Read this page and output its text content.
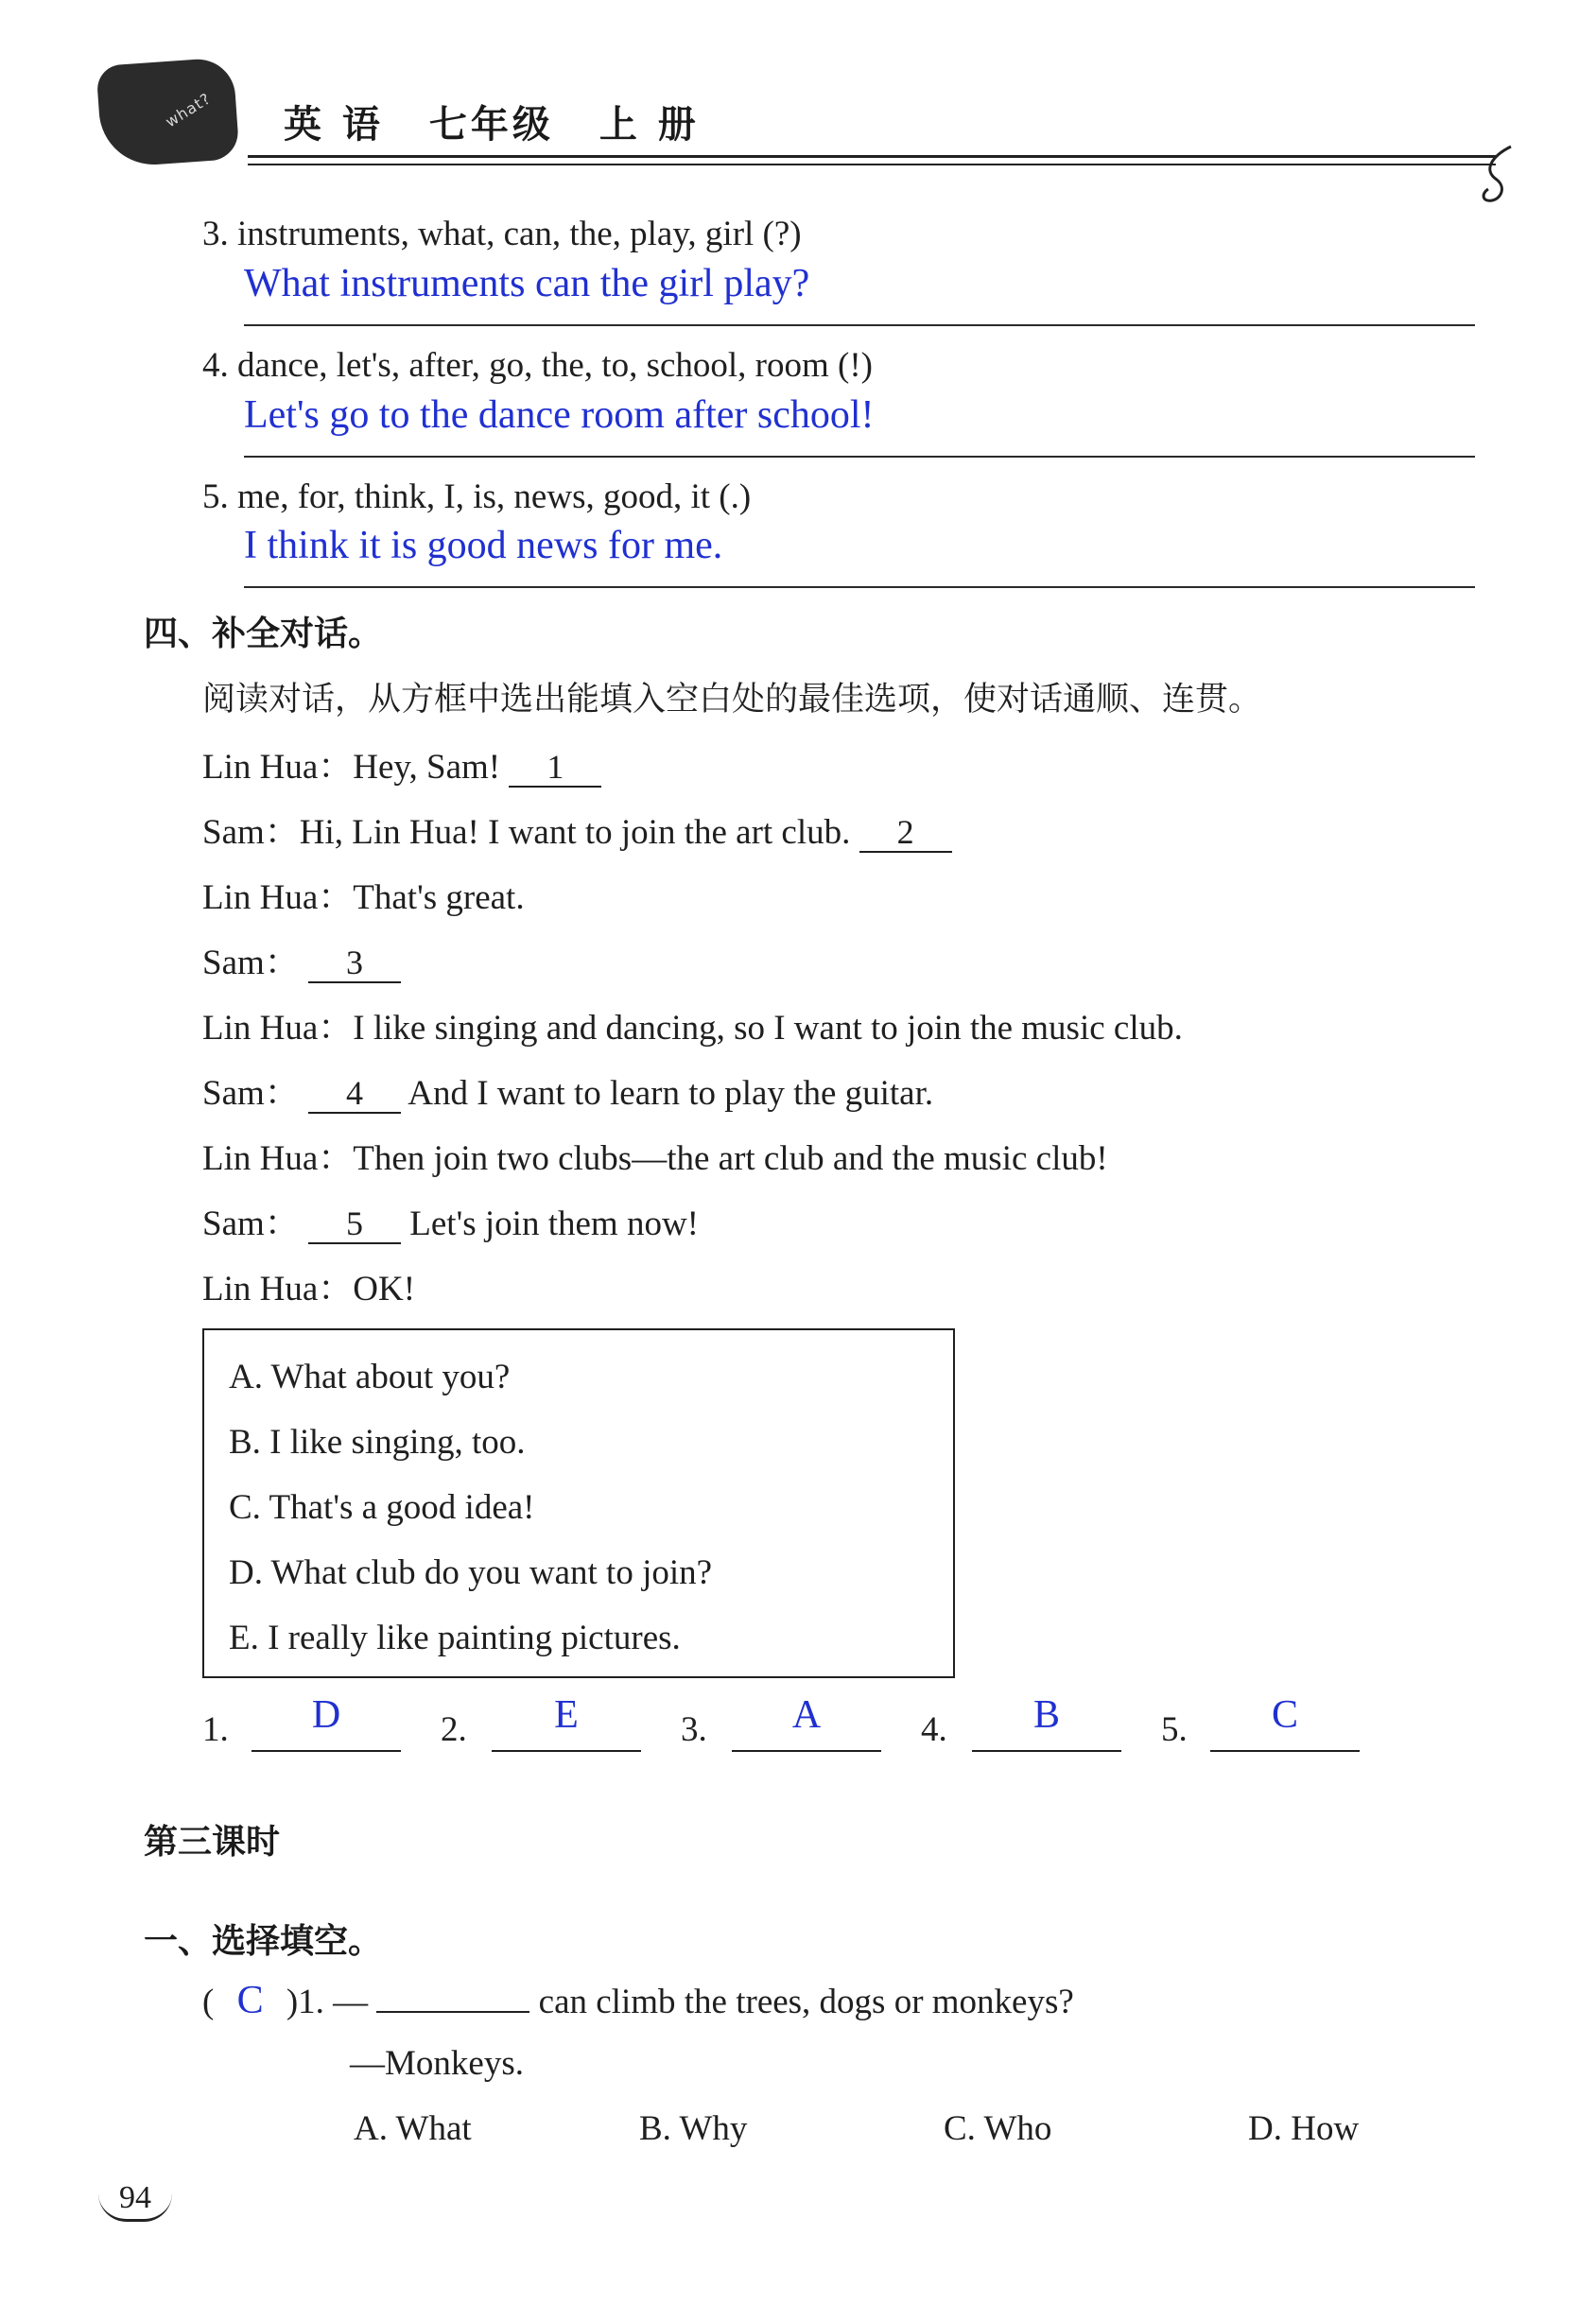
what? 英 语 七年级 上 册
3. instruments, what, can, the, play, girl (?)
What instruments can the girl play?
4. dance, let's, after, go, the, to, school, room (!)
Let's go to the dance room after school!
5. me, for, think, I, is, news, good, it (.)
I think it is good news for me.
四、补全对话。
阅读对话，从方框中选出能填入空白处的最佳选项，使对话通顺、连贯。
Lin Hua：Hey, Sam! 1
Sam：Hi, Lin Hua! I want to join the art club. 2
Lin Hua：That's great.
Sam： 3
Lin Hua：I like singing and dancing, so I want to join the music club.
Sam： 4 And I want to learn to play the guitar.
Lin Hua：Then join two clubs—the art club and the music club!
Sam： 5 Let's join them now!
Lin Hua：OK!
A. What about you?
B. I like singing, too.
C. That's a good idea!
D. What club do you want to join?
E. I really like painting pictures.
1.	D	2.	E	3.	A	4.	B	5.	C
第三课时
一、选择填空。
( C )1. —	can climb the trees, dogs or monkeys?
—Monkeys.
A. What	B. Why	C. Who	D. How
94
